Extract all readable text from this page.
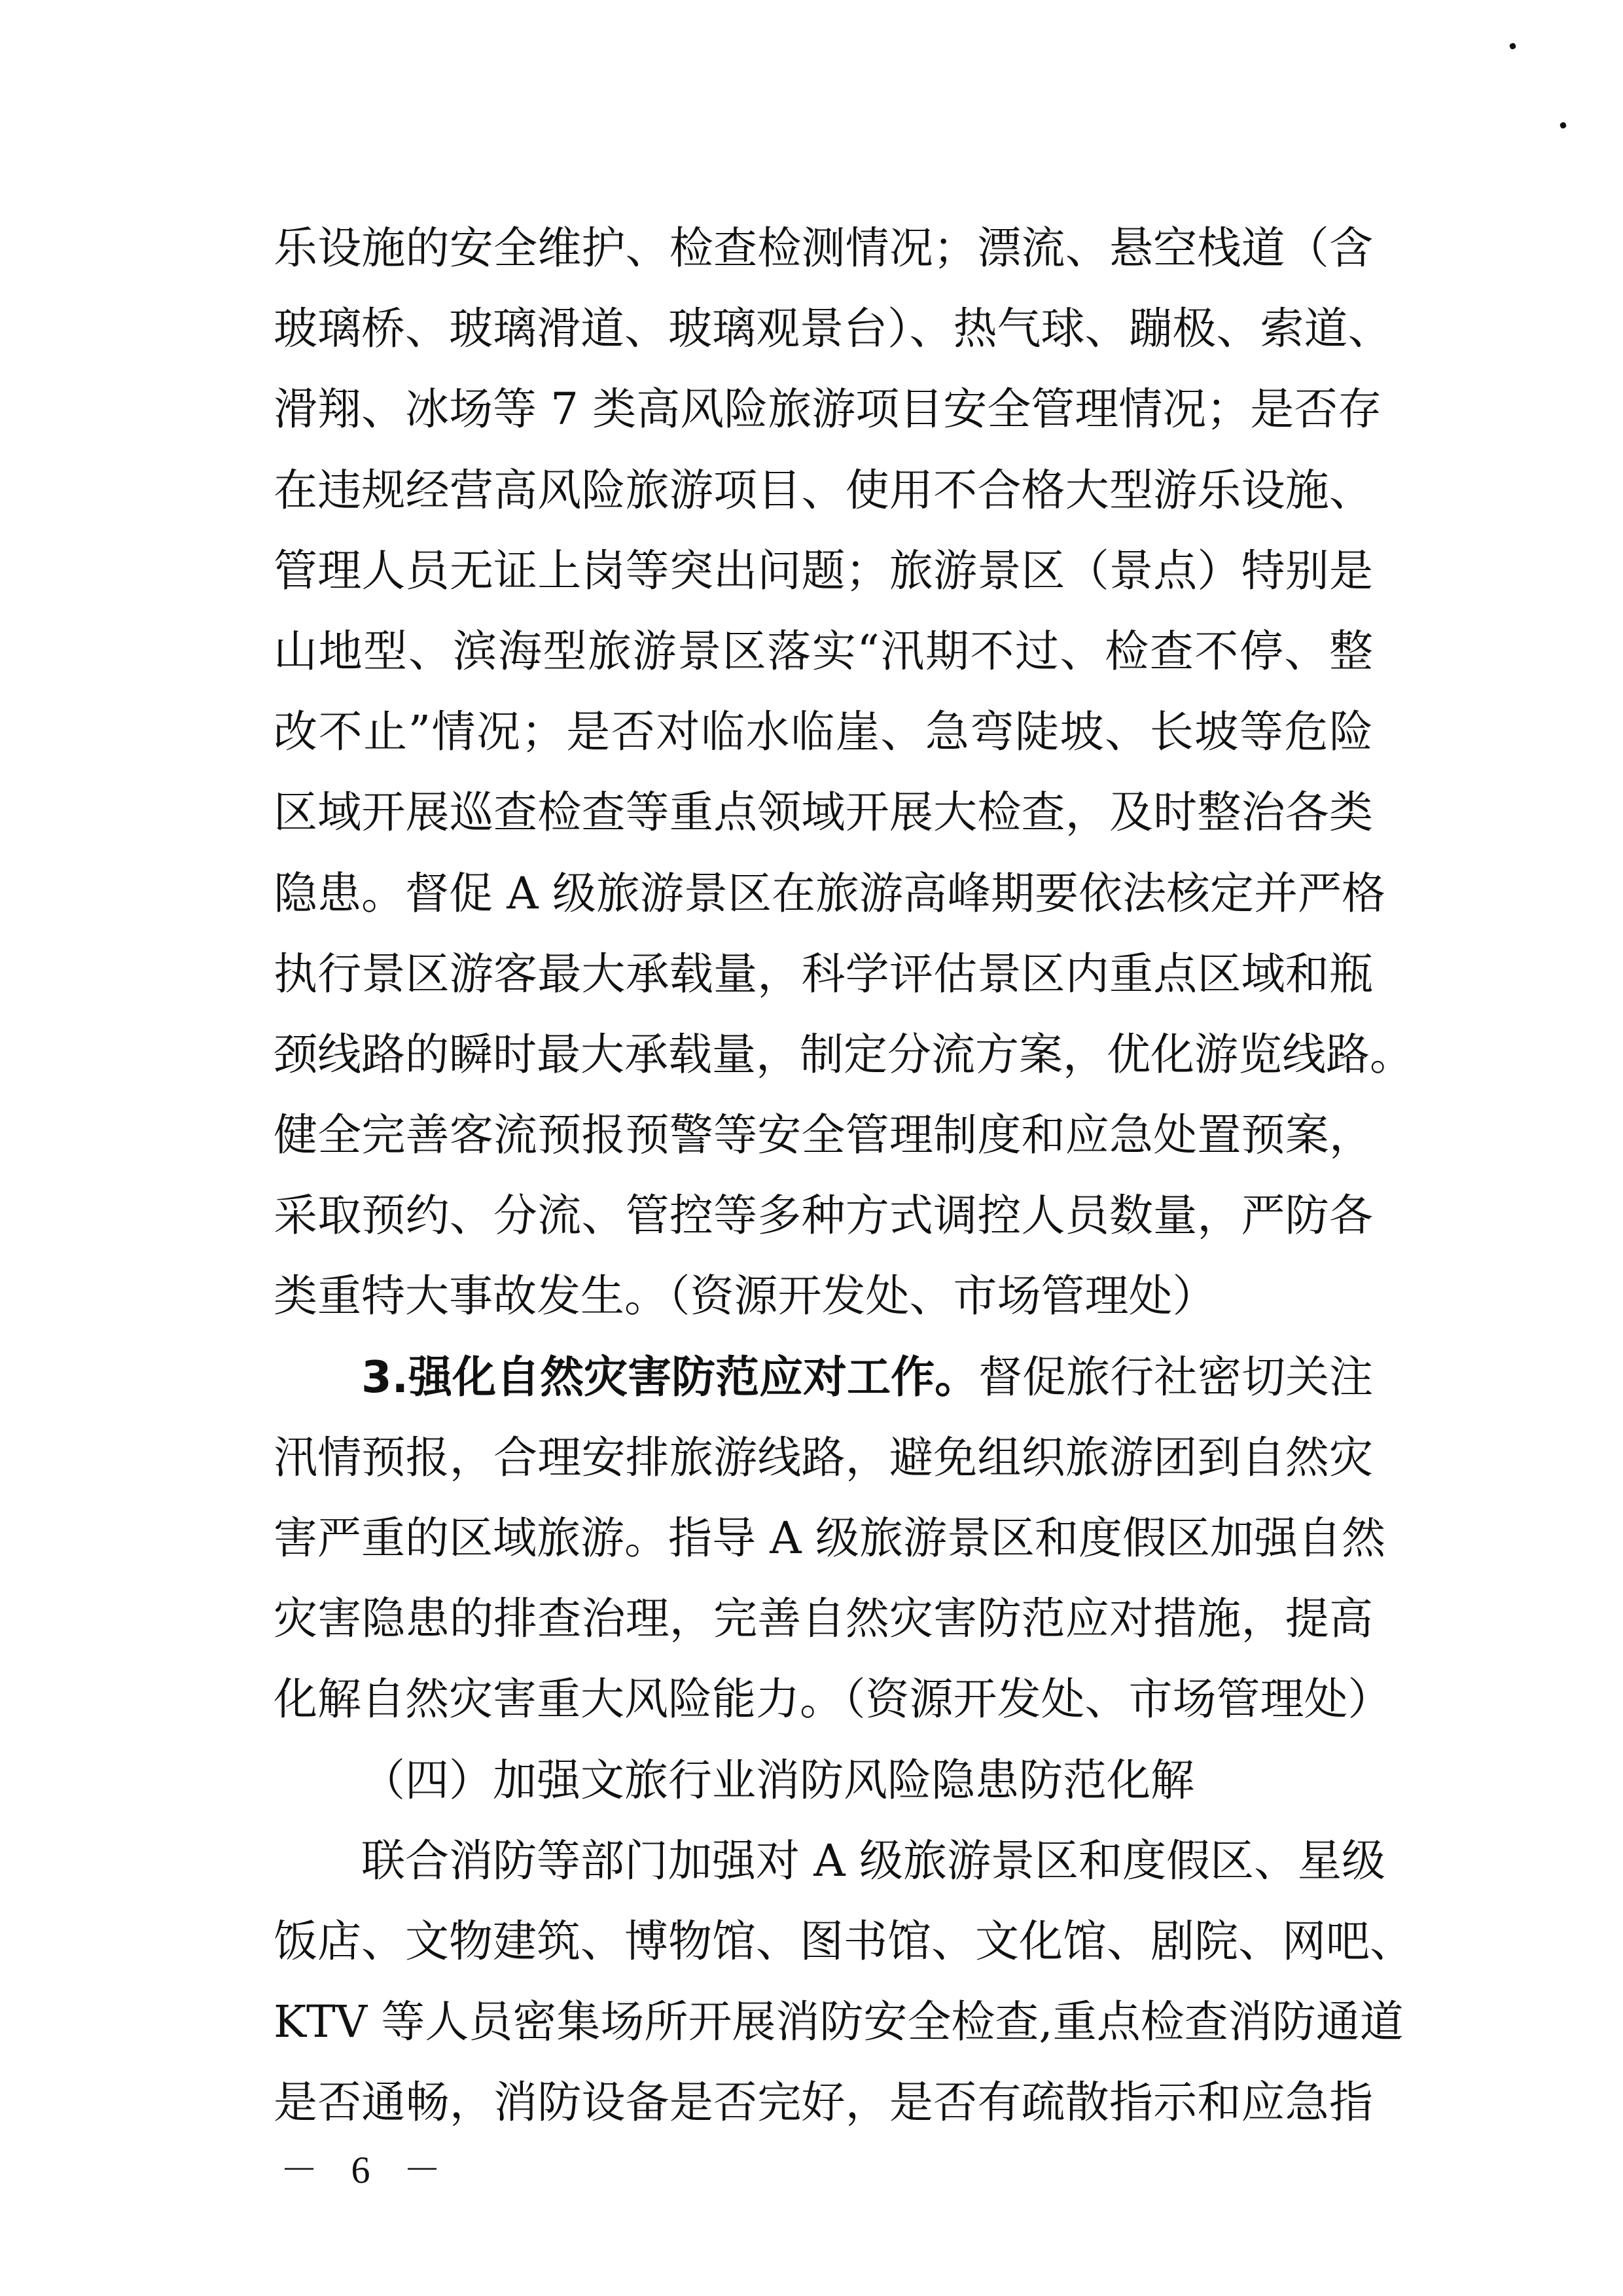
乐设施的安全维护、检查检测情况；漂流、悬空栈道（含
玻璃桥、玻璃滑道、玻璃观景台）、热气球、蹦极、索道、
滑翔、冰场等 7 类高风险旅游项目安全管理情况；是否存
在违规经营高风险旅游项目、使用不合格大型游乐设施、
管理人员无证上岗等突出问题；旅游景区（景点）特别是
山地型、滨海型旅游景区落实“汛期不过、检查不停、整
改不止”情况；是否对临水临崖、急弯陡坡、长坡等危险
区域开展巡查检查等重点领域开展大检查，及时整治各类
隐患。督促 A 级旅游景区在旅游高峰期要依法核定并严格
执行景区游客最大承载量，科学评估景区内重点区域和瓶
颈线路的瞬时最大承载量，制定分流方案，优化游览线路。
健全完善客流预报预警等安全管理制度和应急处置预案，
采取预约、分流、管控等多种方式调控人员数量，严防各
类重特大事故发生。（资源开发处、市场管理处）
3.强化自然灾害防范应对工作。督促旅行社密切关注
汛情预报，合理安排旅游线路，避免组织旅游团到自然灾
害严重的区域旅游。指导 A 级旅游景区和度假区加强自然
灾害隐患的排查治理，完善自然灾害防范应对措施，提高
化解自然灾害重大风险能力。（资源开发处、市场管理处）
（四）加强文旅行业消防风险隐患防范化解
联合消防等部门加强对 A 级旅游景区和度假区、星级
饭店、文物建筑、博物馆、图书馆、文化馆、剧院、网吧、
KTV 等人员密集场所开展消防安全检查,重点检查消防通道
是否通畅，消防设备是否完好，是否有疏散指示和应急指
－ 6 －
